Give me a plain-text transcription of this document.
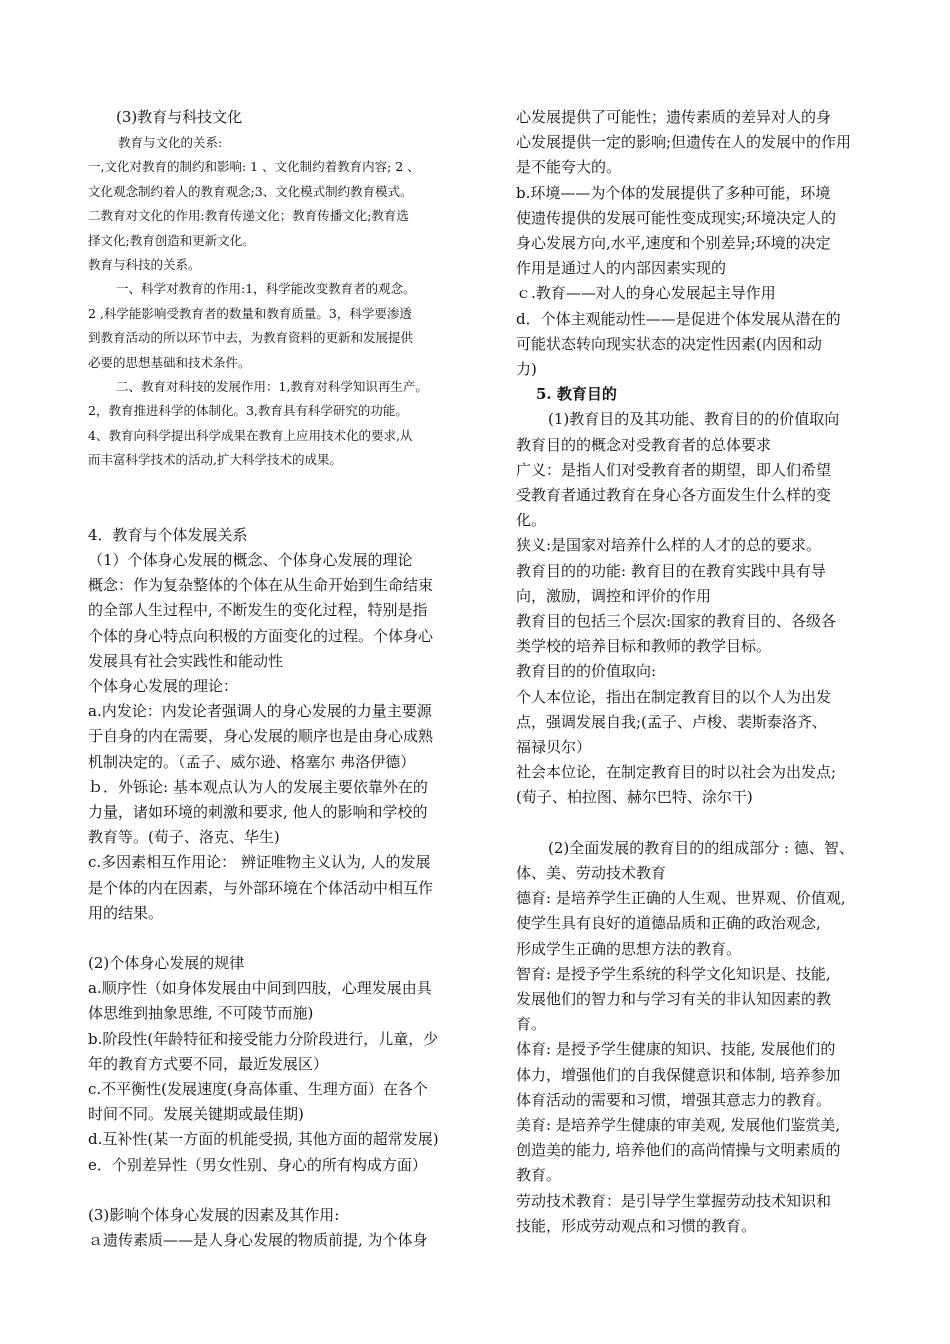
(3)教育与科技文化

教育与文化的关系:

一,文化对教育的制约和影响: 1 、文化制约着教育内容; 2 、

文化观念制约着人的教育观念;3、文化模式制约教育模式。

二教育对文化的作用:教育传递文化；教育传播文化;教育选

择文化;教育创造和更新文化。

教育与科技的关系。

一、科学对教育的作用:1，科学能改变教育者的观念。

2 ,科学能影响受教育者的数量和教育质量。3，科学要渗透

到教育活动的所以环节中去，为教育资料的更新和发展提供

必要的思想基础和技术条件。

二、教育对科技的发展作用：1,教育对科学知识再生产。

2，教育推进科学的体制化。3,教育具有科学研究的功能。

4、教育向科学提出科学成果在教育上应用技术化的要求,从

而丰富科学技术的活动,扩大科学技术的成果。

4．教育与个体发展关系

（1）个体身心发展的概念、个体身心发展的理论

概念：作为复杂整体的个体在从生命开始到生命结束

的全部人生过程中, 不断发生的变化过程，特别是指

个体的身心特点向积极的方面变化的过程。个体身心

发展具有社会实践性和能动性

个体身心发展的理论：

a.内发论：内发论者强调人的身心发展的力量主要源

于自身的内在需要，身心发展的顺序也是由身心成熟

机制决定的。（孟子、威尔逊、格塞尔 弗洛伊德）

ｂ．外铄论: 基本观点认为人的发展主要依靠外在的

力量，诸如环境的刺激和要求, 他人的影响和学校的

教育等。(荀子、洛克、华生)

c.多因素相互作用论： 辨证唯物主义认为, 人的发展

是个体的内在因素，与外部环境在个体活动中相互作

用的结果。

(2)个体身心发展的规律

a.顺序性（如身体发展由中间到四肢，心理发展由具

体思维到抽象思维, 不可陵节而施)

b.阶段性(年龄特征和接受能力分阶段进行，儿童，少

年的教育方式要不同，最近发展区）

c.不平衡性(发展速度(身高体重、生理方面）在各个

时间不同。发展关键期或最佳期)

d.互补性(某一方面的机能受损, 其他方面的超常发展)

e．个别差异性（男女性别、身心的所有构成方面）

(3)影响个体身心发展的因素及其作用:

ａ遗传素质——是人身心发展的物质前提, 为个体身

心发展提供了可能性；遗传素质的差异对人的身

心发展提供一定的影响;但遗传在人的发展中的作用

是不能夸大的。

b.环境——为个体的发展提供了多种可能，环境

使遗传提供的发展可能性变成现实;环境决定人的

身心发展方向,水平,速度和个别差异;环境的决定

作用是通过人的内部因素实现的

ｃ.教育——对人的身心发展起主导作用

d．个体主观能动性——是促进个体发展从潜在的

可能状态转向现实状态的决定性因素(内因和动

力)

5. 教育目的

(1)教育目的及其功能、教育目的的价值取向

教育目的的概念对受教育者的总体要求

广义：是指人们对受教育者的期望，即人们希望

受教育者通过教育在身心各方面发生什么样的变

化。

狭义:是国家对培养什么样的人才的总的要求。

教育目的的功能: 教育目的在教育实践中具有导

向，激励，调控和评价的作用

教育目的包括三个层次:国家的教育目的、各级各

类学校的培养目标和教师的教学目标。

教育目的的价值取向:

个人本位论，指出在制定教育目的以个人为出发

点，强调发展自我;(孟子、卢梭、裴斯泰洛齐、

福禄贝尔）

社会本位论，在制定教育目的时以社会为出发点;

(荀子、柏拉图、赫尔巴特、涂尔干)

(2)全面发展的教育目的的组成部分 : 德、智、

体、美、劳动技术教育

德育: 是培养学生正确的人生观、世界观、价值观,

使学生具有良好的道德品质和正确的政治观念,

形成学生正确的思想方法的教育。

智育: 是授予学生系统的科学文化知识是、技能,

发展他们的智力和与学习有关的非认知因素的教

育。

体育: 是授予学生健康的知识、技能, 发展他们的

体力，增强他们的自我保健意识和体制, 培养参加

体育活动的需要和习惯，增强其意志力的教育。

美育: 是培养学生健康的审美观, 发展他们鉴赏美,

创造美的能力, 培养他们的高尚情操与文明素质的

教育。

劳动技术教育：是引导学生掌握劳动技术知识和

技能，形成劳动观点和习惯的教育。
